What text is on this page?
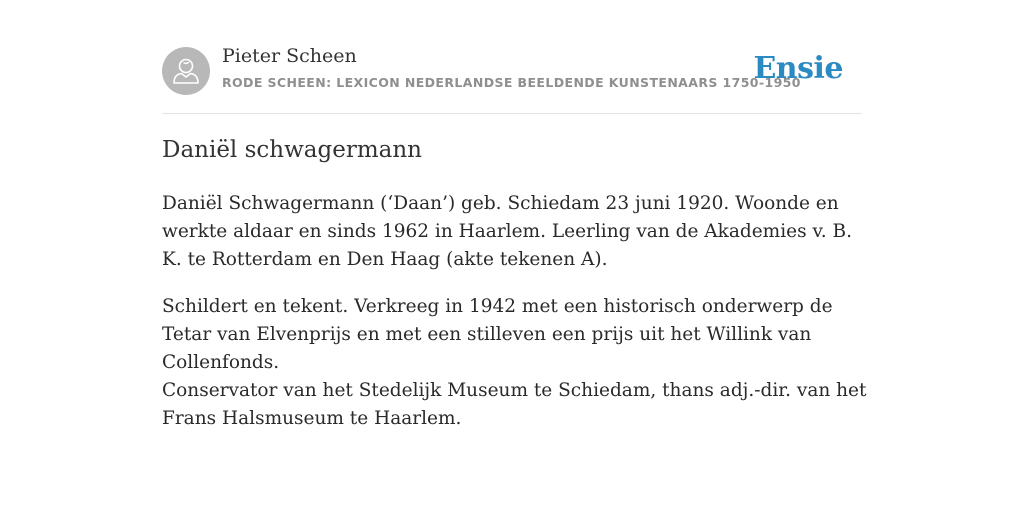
Pieter Scheen
RODE SCHEEN: LEXICON NEDERLANDSE BEELDENDE KUNSTENAARS 1750-1950
Ensie
Daniël schwagermann

Daniël Schwagermann (‘Daan’) geb. Schiedam 23 juni 1920. Woonde en werkte aldaar en sinds 1962 in Haarlem. Leerling van de Akademies v. B. K. te Rotterdam en Den Haag (akte tekenen A).

Schildert en tekent. Verkreeg in 1942 met een historisch onderwerp de Tetar van Elvenprijs en met een stilleven een prijs uit het Willink van Collenfonds.

Conservator van het Stedelijk Museum te Schiedam, thans adj.-dir. van het Frans Halsmuseum te Haarlem.
